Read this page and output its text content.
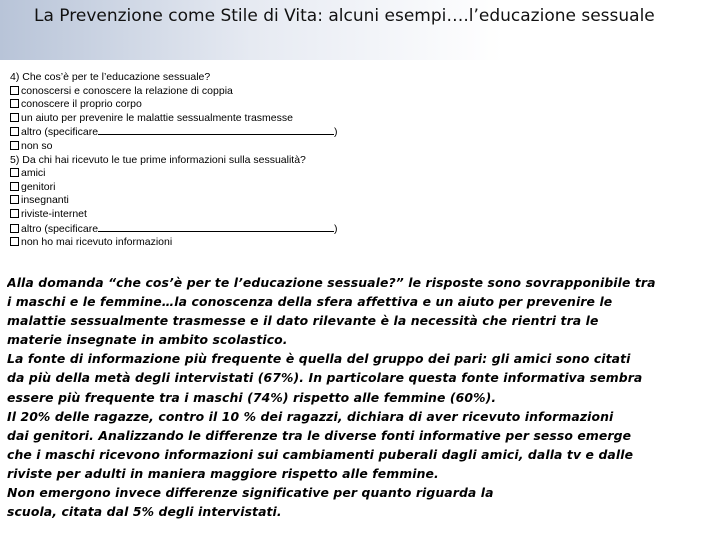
La Prevenzione come Stile di Vita: alcuni esempi….l’educazione sessuale
4) Che cos’è per te l’educazione sessuale?
conoscersi e conoscere la relazione di coppia
conoscere il proprio corpo
un aiuto per prevenire le malattie sessualmente trasmesse
altro (specificare	)
non so
5) Da chi hai ricevuto le tue prime informazioni sulla sessualità?
amici
genitori
insegnanti
riviste-internet
altro (specificare	)
non ho mai ricevuto informazioni
Alla domanda “che cos’è per te l’educazione sessuale?” le risposte sono sovrapponibile tra
i maschi e le femmine…la conoscenza della sfera affettiva e un aiuto per prevenire le
malattie sessualmente trasmesse e il dato rilevante è la necessità che rientri tra le
materie insegnate in ambito scolastico.
La fonte di informazione più frequente è quella del gruppo dei pari: gli amici sono citati
da più della metà degli intervistati (67%). In particolare questa fonte informativa sembra
essere più frequente tra i maschi (74%) rispetto alle femmine (60%).
Il 20% delle ragazze, contro il 10 % dei ragazzi, dichiara di aver ricevuto informazioni
dai genitori. Analizzando le differenze tra le diverse fonti informative per sesso emerge
che i maschi ricevono informazioni sui cambiamenti puberali dagli amici, dalla tv e dalle
riviste per adulti in maniera maggiore rispetto alle femmine.
Non emergono invece differenze significative per quanto riguarda la
scuola, citata dal 5% degli intervistati.
